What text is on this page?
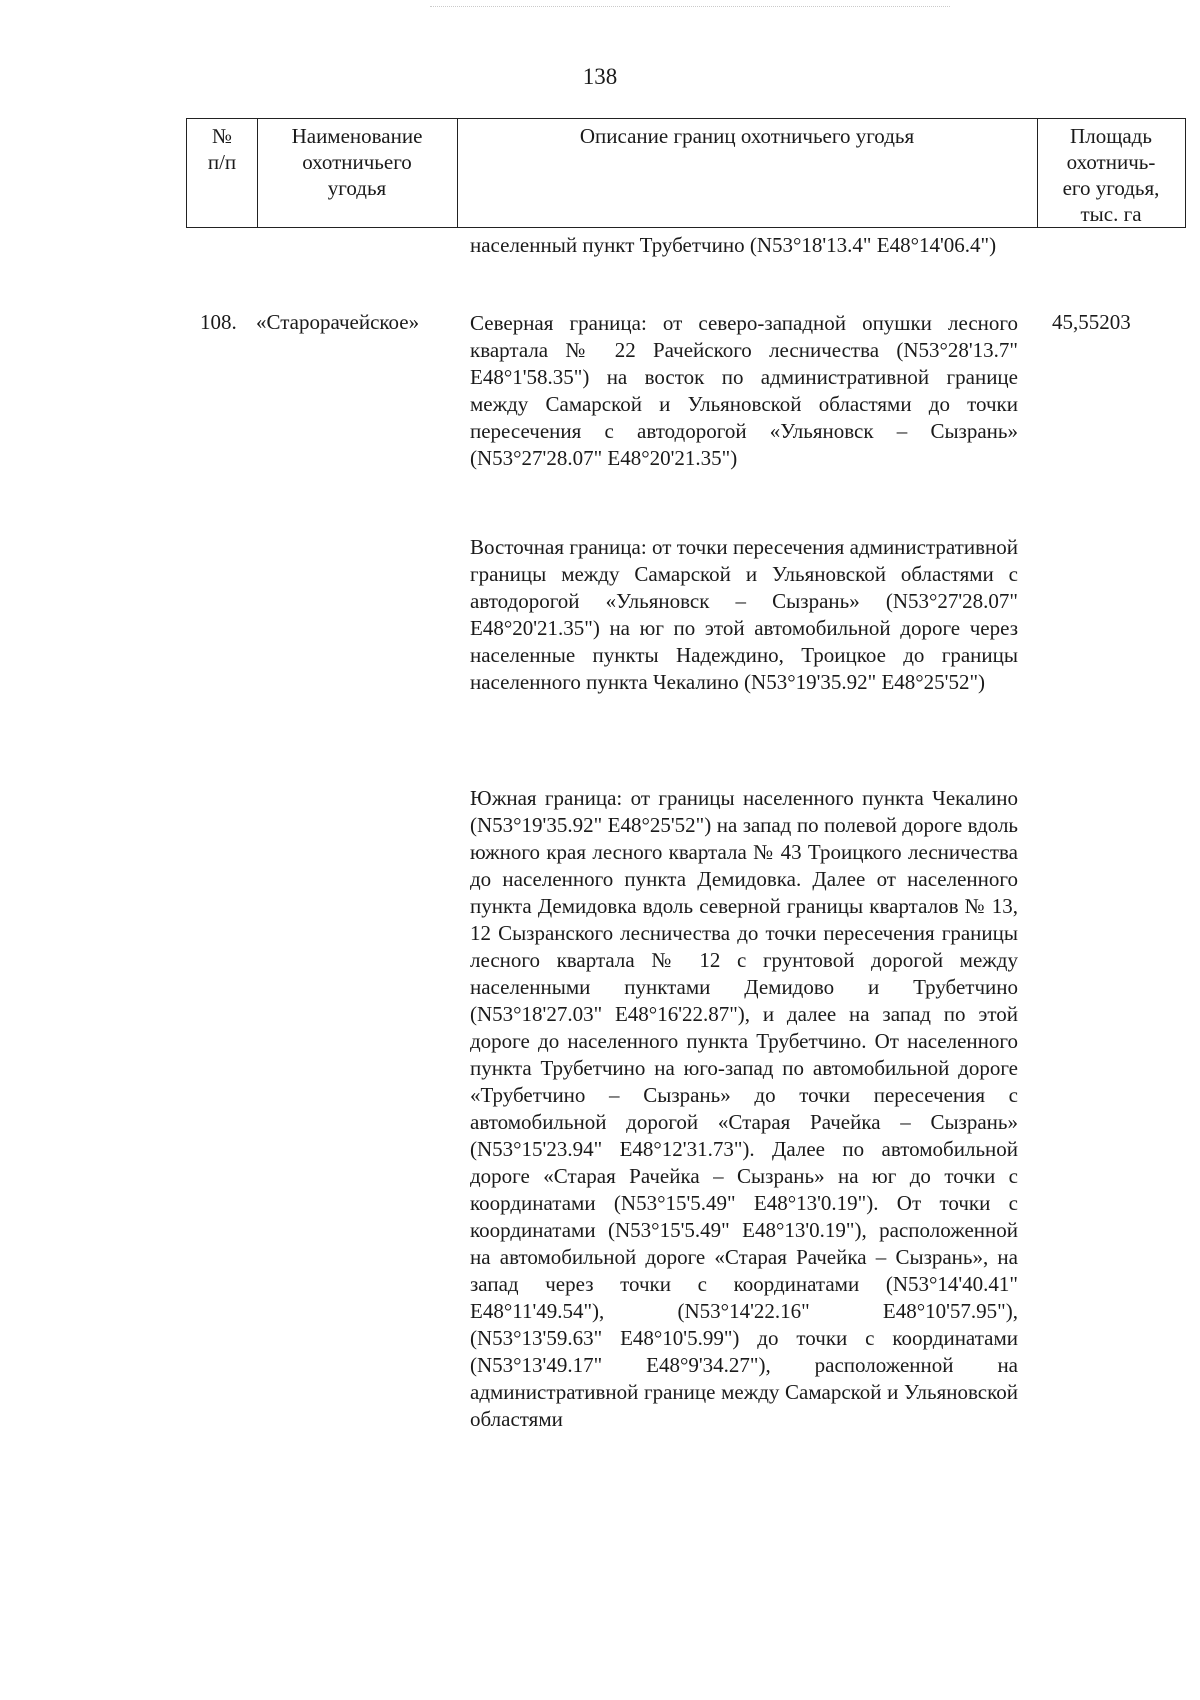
138
№
п/п
Наименование
охотничьего
угодья
Описание границ охотничьего угодья	Площадь
охотничь-
его угодья,
тыс. га
населенный пункт Трубетчино (N53°18'13.4" E48°14'06.4")
108. «Старорачейское»	45,55203

Северная граница: от северо-западной опушки лесного квартала № 22 Рачейского лесничества (N53°28'13.7" E48°1'58.35") на восток по административной границе между Самарской и Ульяновской областями до точки пересечения с автодорогой «Ульяновск – Сызрань» (N53°27'28.07" E48°20'21.35")

Восточная граница: от точки пересечения административной границы между Самарской и Ульяновской областями с автодорогой «Ульяновск – Сызрань» (N53°27'28.07" E48°20'21.35") на юг по этой автомобильной дороге через населенные пункты Надеждино, Троицкое до границы населенного пункта Чекалино (N53°19'35.92" E48°25'52")

Южная граница: от границы населенного пункта Чекалино (N53°19'35.92" E48°25'52") на запад по полевой дороге вдоль южного края лесного квартала № 43 Троицкого лесничества до населенного пункта Демидовка. Далее от населенного пункта Демидовка вдоль северной границы кварталов № 13, 12 Сызранского лесничества до точки пересечения границы лесного квартала № 12 с грунтовой дорогой между населенными пунктами Демидово и Трубетчино (N53°18'27.03" E48°16'22.87"), и далее на запад по этой дороге до населенного пункта Трубетчино. От населенного пункта Трубетчино на юго-запад по автомобильной дороге «Трубетчино – Сызрань» до точки пересечения с автомобильной дорогой «Старая Рачейка – Сызрань» (N53°15'23.94" E48°12'31.73"). Далее по автомобильной дороге «Старая Рачейка – Сызрань» на юг до точки с координатами (N53°15'5.49" E48°13'0.19"). От точки с координатами (N53°15'5.49" E48°13'0.19"), расположенной на автомобильной дороге «Старая Рачейка – Сызрань», на запад через точки с координатами (N53°14'40.41" E48°11'49.54"), (N53°14'22.16" E48°10'57.95"), (N53°13'59.63" E48°10'5.99") до точки с координатами (N53°13'49.17" E48°9'34.27"), расположенной на административной границе между Самарской и Ульяновской областями
